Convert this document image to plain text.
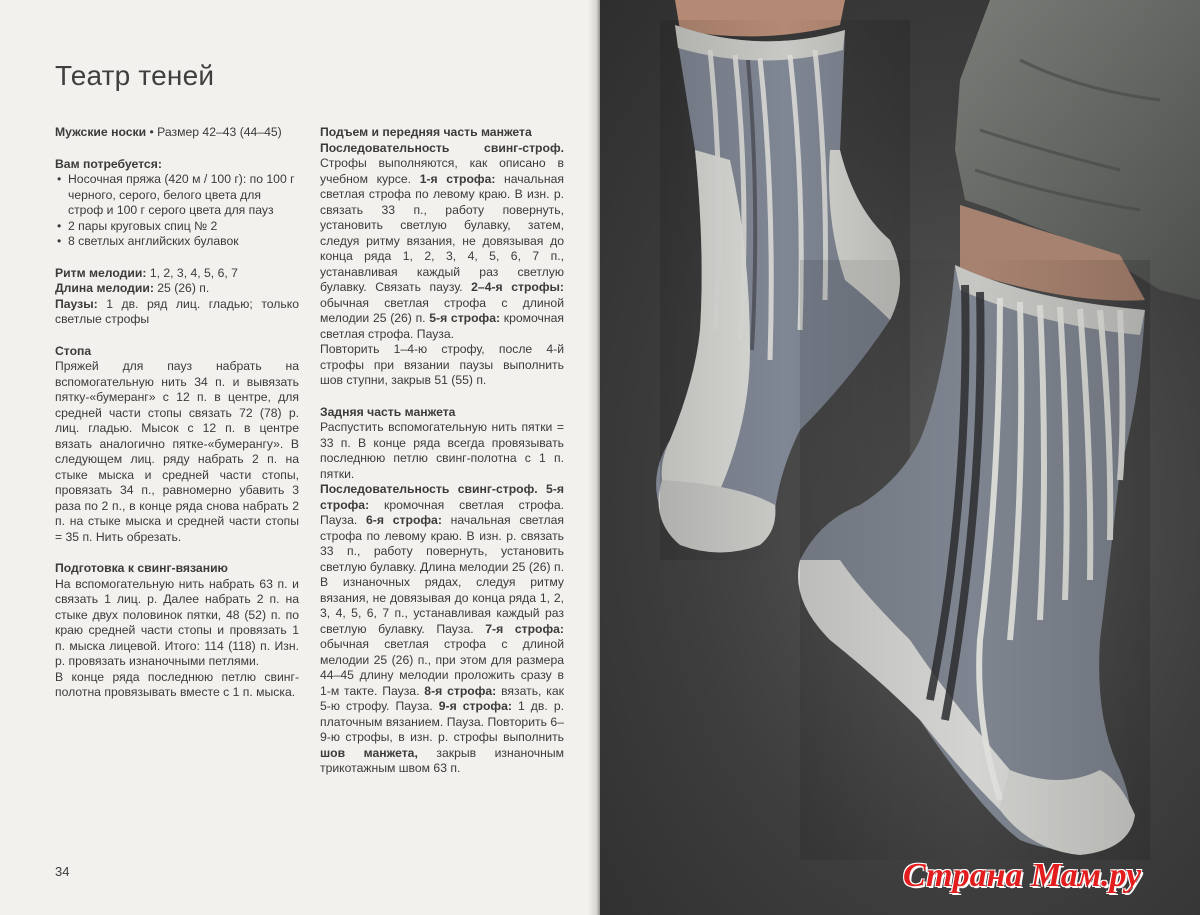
Театр теней

Мужские носки • Размер 42–43 (44–45)

Вам потребуется:

• Носочная пряжа (420 м / 100 г): по 100 г черного, серого, белого цвета для строф и 100 г серого цвета для пауз
• 2 пары круговых спиц № 2
• 8 светлых английских булавок

Ритм мелодии: 1, 2, 3, 4, 5, 6, 7

Длина мелодии: 25 (26) п.

Паузы: 1 дв. ряд лиц. гладью; только светлые строфы

Стопа

Пряжей для пауз набрать на вспомогательную нить 34 п. и вывязать пятку-«бумеранг» с 12 п. в центре, для средней части стопы связать 72 (78) р. лиц. гладью. Мысок с 12 п. в центре вязать аналогично пятке-«бумерангу». В следующем лиц. ряду набрать 2 п. на стыке мыска и средней части стопы, провязать 34 п., равномерно убавить 3 раза по 2 п., в конце ряда снова набрать 2 п. на стыке мыска и средней части стопы = 35 п. Нить обрезать.

Подготовка к свинг-вязанию

На вспомогательную нить набрать 63 п. и связать 1 лиц. р. Далее набрать 2 п. на стыке двух половинок пятки, 48 (52) п. по краю средней части стопы и провязать 1 п. мыска лицевой. Итого: 114 (118) п. Изн. р. провязать изнаночными петлями.

В конце ряда последнюю петлю свинг-полотна провязывать вместе с 1 п. мыска.

Подъем и передняя часть манжета

Последовательность свинг-строф. Строфы выполняются, как описано в учебном курсе. 1-я строфа: начальная светлая строфа по левому краю. В изн. р. связать 33 п., работу повернуть, установить светлую булавку, затем, следуя ритму вязания, не довязывая до конца ряда 1, 2, 3, 4, 5, 6, 7 п., устанавливая каждый раз светлую булавку. Связать паузу. 2–4-я строфы: обычная светлая строфа с длиной мелодии 25 (26) п. 5-я строфа: кромочная светлая строфа. Пауза.

Повторить 1–4-ю строфу, после 4-й строфы при вязании паузы выполнить шов ступни, закрыв 51 (55) п.

Задняя часть манжета

Распустить вспомогательную нить пятки = 33 п. В конце ряда всегда провязывать последнюю петлю свинг-полотна с 1 п. пятки.

Последовательность свинг-строф. 5-я строфа: кромочная светлая строфа. Пауза. 6-я строфа: начальная светлая строфа по левому краю. В изн. р. связать 33 п., работу повернуть, установить светлую булавку. Длина мелодии 25 (26) п. В изнаночных рядах, следуя ритму вязания, не довязывая до конца ряда 1, 2, 3, 4, 5, 6, 7 п., устанавливая каждый раз светлую булавку. Пауза. 7-я строфа: обычная светлая строфа с длиной мелодии 25 (26) п., при этом для размера 44–45 длину мелодии проложить сразу в 1-м такте. Пауза. 8-я строфа: вязать, как 5-ю строфу. Пауза. 9-я строфа: 1 дв. р. платочным вязанием. Пауза. Повторить 6–9-ю строфы, в изн. р. строфы выполнить шов манжета, закрыв изнаночным трикотажным швом 63 п.

34	Страна Мам.ру
